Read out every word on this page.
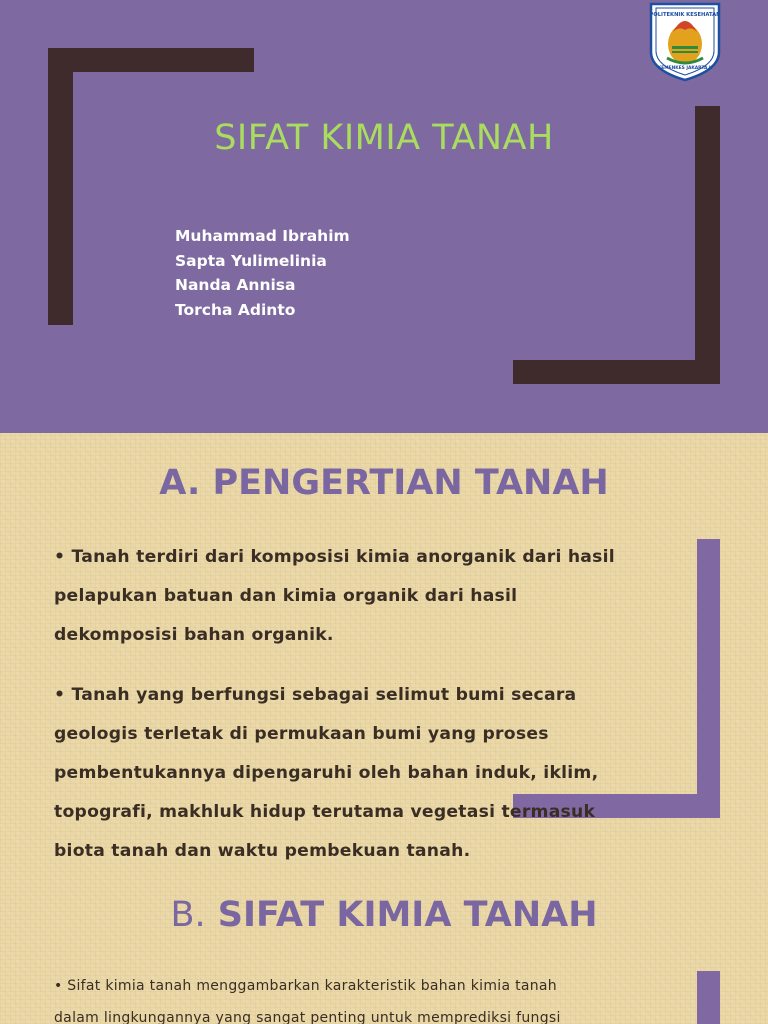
POLITEKNIK KESEHATAN
KEMENKES JAKARTA II
SIFAT KIMIA TANAH
Muhammad Ibrahim
Sapta Yulimelinia
Nanda Annisa
Torcha Adinto
A. PENGERTIAN TANAH
• Tanah terdiri dari komposisi kimia anorganik dari hasil
pelapukan batuan dan kimia organik dari hasil
dekomposisi bahan organik.
• Tanah yang berfungsi sebagai selimut bumi secara
geologis terletak di permukaan bumi yang proses
pembentukannya dipengaruhi oleh bahan induk, iklim,
topografi, makhluk hidup terutama vegetasi termasuk
biota tanah dan waktu pembekuan tanah.
B. SIFAT KIMIA TANAH
• Sifat kimia tanah menggambarkan karakteristik bahan kimia tanah
dalam lingkungannya yang sangat penting untuk memprediksi fungsi
